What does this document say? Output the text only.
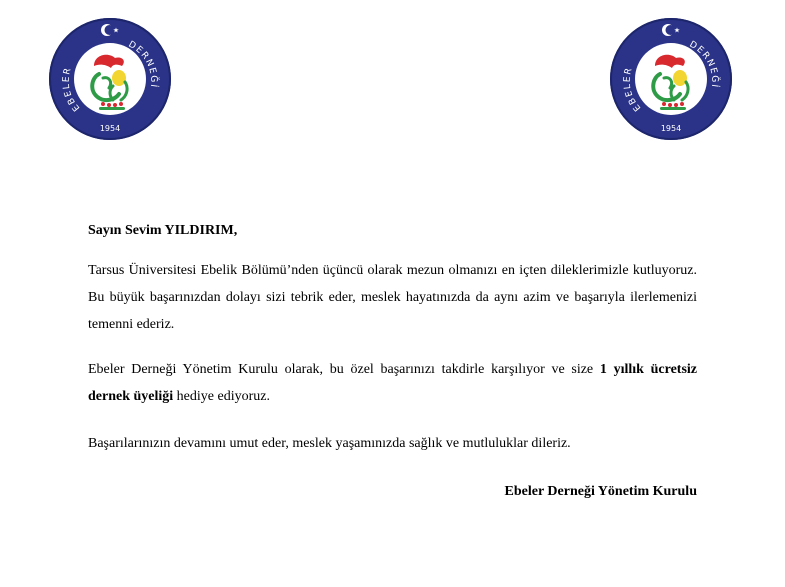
EBELER
DERNEĞİ
1954
EBELER
DERNEĞİ
1954

Sayın Sevim YILDIRIM,

Tarsus Üniversitesi Ebelik Bölümü’nden üçüncü olarak mezun olmanızı en içten dileklerimizle kutluyoruz. Bu büyük başarınızdan dolayı sizi tebrik eder, meslek hayatınızda da aynı azim ve başarıyla ilerlemenizi temenni ederiz.

Ebeler Derneği Yönetim Kurulu olarak, bu özel başarınızı takdirle karşılıyor ve size 1 yıllık ücretsiz dernek üyeliği hediye ediyoruz.

Başarılarınızın devamını umut eder, meslek yaşamınızda sağlık ve mutluluklar dileriz.

Ebeler Derneği Yönetim Kurulu
